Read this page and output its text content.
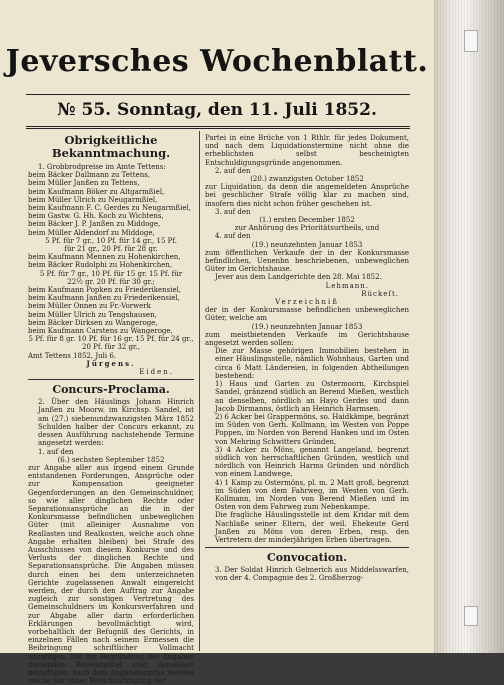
Jeversches Wochenblatt.
№ 55. Sonntag, den 11. Juli 1852.

Obrigkeitliche Bekanntmachung.

1. Grobbrodpreise im Amte Tettens:

beim Bäcker Dallmann zu Tettens,

beim Müller Janßen zu Tettens,

beim Kaufmann Böker zu Altgarmßiel,

beim Müller Ulrich zu Neugarmßiel,

beim Kaufmann F. C. Gerdes zu Neugarmßiel,

beim Gastw. G. Hh. Koch zu Wichtens,

beim Bäcker J. P. Janßen zu Middoge,

beim Müller Aldendorf zu Middoge,

5 Pf. für 7 gr., 10 Pf. für 14 gr., 15 Pf.

für 21 gr., 20 Pf. für 28 gr.

beim Kaufmann Mennen zu Hohenkirchen,

beim Bäcker Rudolphi zu Hohenkirchen,

5 Pf. für 7 gr., 10 Pf. für 15 gr. 15 Pf. für

22½ gr. 20 Pf. für 30 gr.;

beim Kaufmann Popken zu Friederikensiel,

beim Kaufmann Janßen zu Friederikensiel,

beim Müller Onnen zu Fr.-Vorwerk

beim Müller Ulrich zu Tengshausen,

beim Bäcker Dirksen zu Wangeroge,

beim Kaufmann Carstens zu Wangeroge,

5 Pf. für 8 gr. 10 Pf. für 16 gr. 15 Pf. für 24 gr.,

20 Pf. für 32 gr.,

Amt Tettens 1852, Juli 6.

Jürgens.

Eiden.

Concurs-Proclama.

2. Über den Häuslings Johann Hinrich Janßen zu Moorw. im Kirchsp. Sandel, ist am (27.) siebenundzwanzigsten März 1852 Schulden halber der Concurs erkannt, zu dessen Ausführung nachstehende Termine angesetzt werden:

1. auf den

(6.) sechsten September 1852

zur Angabe aller aus irgend einem Grunde entstandenen Forderungen, Ansprüche oder zur Kompensation geeigneter Gegenforderungen an den Gemeinschuldner, so wie aller dinglichen Rechte oder Separationsansprüche an die in der Konkursmasse befindlichen unbeweglichen Güter (mit alleiniger Ausnahme von Reallasten und Realkosten, welche auch ohne Angabe erhalten bleiben) bei Strafe des Ausschlusses von diesem Konkurse und des Verlusts der dinglichen Rechte und Separationsansprüche. Die Angaben müssen durch einen bei dem unterzeichneten Gerichte zugelassenen Anwalt eingereicht werden, der durch den Auftrag zur Angabe zugleich zur sonstigen Vertretung des Gemeinschuldners im Konkursverfahren und zur Abgabe aller darin erforderlichen Erklärungen bevollmächtigt wird, vorbehaltlich der Befugniß des Gerichts, in einzelnen Fällen nach seinem Ermessen die Beibringung schriftlicher Vollmacht anzufügen. Die zur Begründung der Angaben dienenden Beweismittel sind denselben beizufügen; nach dem Angabetermine werden solche nur unter Berücksichtigung der

Partei in eine Brüche von 1 Rthlr. für jedes Dokument, und nach dem Liquidationstermine nicht ohne die erheblichsten selbst bescheinigten Entschuldigungsgründe angenommen.

2. auf den

(20.) zwanzigsten October 1852

zur Liquidation, da denn die angemeldeten Ansprüche bei geschlicher Strafe völlig klar zu machen sind, insofern dies nicht schon früher geschehen ist.

3. auf den

(1.) ersten December 1852

zur Anhörung des Prioritätsurtheils, und

4. auf den

(19.) neunzehnten Januar 1853

zum öffentlichen Verkaufe der in der Konkursmasse befindlichen, Uenenbn beschriebenen, unbeweglichen Güter im Gerichtshause.

Jever aus dem Landgerichte den 28. Mai 1852.

Lehmann.

Rückeſt.

Verzeichniß

der in der Konkursmasse befindlichen unbeweglichen Güter, welche am

(19.) neunzehnten Januar 1853

zum meistbietenden Verkaufe im Gerichtshause angesetzt werden sollen:

Die zur Masse gehörigen Immobilien bestehen in einer Häuslingsstelle, nämlich Wohnhaus, Garten und circa 6 Matt Ländereien, in folgenden Abtheilungen bestehend:

1) Haus und Garten zu Ostermoorn, Kirchspiel Sandel, grânzend südlich an Berend Mießen, westlich an denselben, nördlich an Hayo Gerdes und dann Jacob Dirmanns, östlich an Heinrich Harmsen.

2) 6 Acker bei Grappermöns, so. Haidkämpe, begrânzt im Süden von Gerh. Kollmann, im Westen von Poppe Poppen, im Norden von Berend Hanken und im Osten von Mehring Schwitters Gründen,

3) 4 Acker zu Möns, genannt Langeland, begrenzt südlich von herrschaftlichen Gründen, westlich und nördlich von Heinrich Harms Gründen und nördlich von einem Landwege,

4) 1 Kamp zu Ostermöns, pl. m. 2 Matt groß, begrenzt im Süden von dem Fahrweg, im Westen von Gerh. Kollmann, im Norden von Berend Mießen und im Osten von dem Fahrweg zum Nebenkampe.

Die fragliche Häuslingsstelle ist dem Kridar mit dem Nachlaße seiner Eltern, der weil. Ehekeute Gerd Janßen zu Möns von deren Erben, resp. den Vertretern der minderjährigen Erben übertragen.

Convocation.

3. Der Soldat Hinrich Gelmerich aus Middelsswarfen, von der 4. Compagnie des 2. Großherzog-
